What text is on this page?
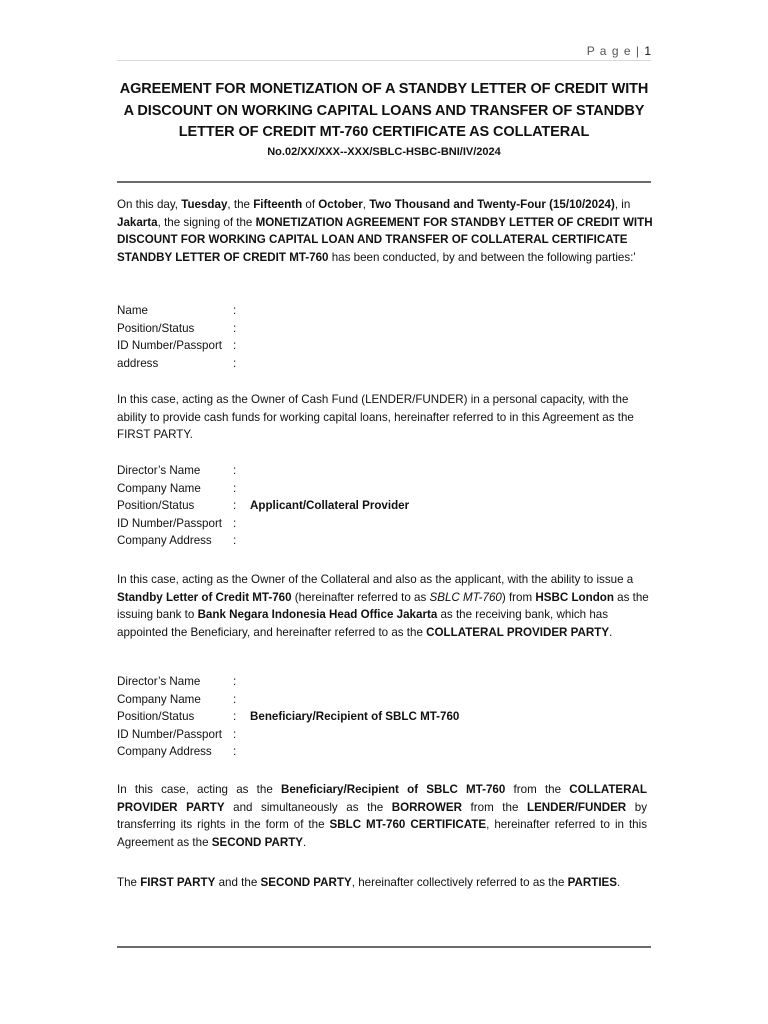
P a g e | 1
AGREEMENT FOR MONETIZATION OF A STANDBY LETTER OF CREDIT WITH
A DISCOUNT ON WORKING CAPITAL LOANS AND TRANSFER OF STANDBY
LETTER OF CREDIT MT-760 CERTIFICATE AS COLLATERAL
No.02/XX/XXX--XXX/SBLC-HSBC-BNI/IV/2024

On this day, Tuesday, the Fifteenth of October, Two Thousand and Twenty-Four (15/10/2024), in Jakarta, the signing of the MONETIZATION AGREEMENT FOR STANDBY LETTER OF CREDIT WITH DISCOUNT FOR WORKING CAPITAL LOAN AND TRANSFER OF COLLATERAL CERTIFICATE STANDBY LETTER OF CREDIT MT-760 has been conducted, by and between the following parties:'

Name	:
Position/Status	:
ID Number/Passport :
address	:

In this case, acting as the Owner of Cash Fund (LENDER/FUNDER) in a personal capacity, with the ability to provide cash funds for working capital loans, hereinafter referred to in this Agreement as the FIRST PARTY.

Director’s Name	:
Company Name	:
Position/Status	:	Applicant/Collateral Provider
ID Number/Passport :
Company Address	:

In this case, acting as the Owner of the Collateral and also as the applicant, with the ability to issue a Standby Letter of Credit MT-760 (hereinafter referred to as SBLC MT-760) from HSBC London as the issuing bank to Bank Negara Indonesia Head Office Jakarta as the receiving bank, which has appointed the Beneficiary, and hereinafter referred to as the COLLATERAL PROVIDER PARTY.

Director’s Name	:
Company Name	:
Position/Status	:	Beneficiary/Recipient of SBLC MT-760
ID Number/Passport :
Company Address	:

In this case, acting as the Beneficiary/Recipient of SBLC MT-760 from the COLLATERAL PROVIDER PARTY and simultaneously as the BORROWER from the LENDER/FUNDER by transferring its rights in the form of the SBLC MT-760 CERTIFICATE, hereinafter referred to in this Agreement as the SECOND PARTY.

The FIRST PARTY and the SECOND PARTY, hereinafter collectively referred to as the PARTIES.
